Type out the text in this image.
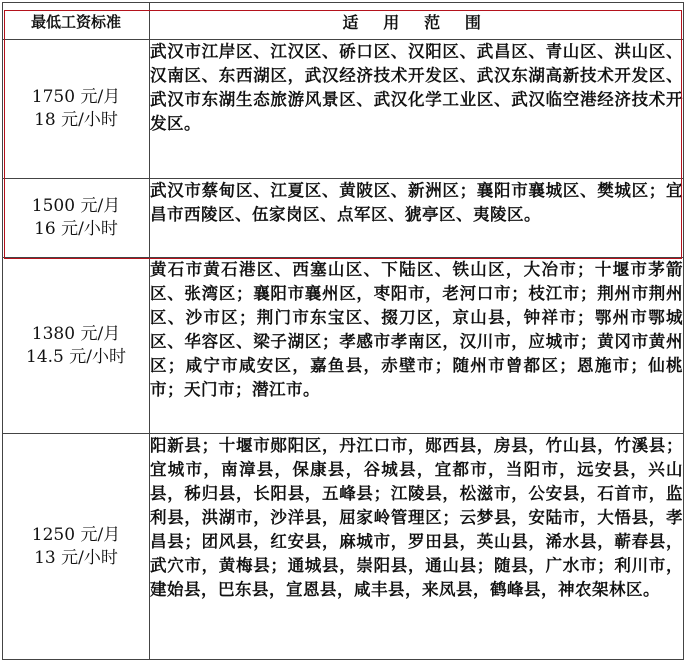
最低工资标准	适 用 范 围

1750 元/月
18 元/小时	武汉市江岸区、江汉区、硚口区、汉阳区、武昌区、青山区、洪山区、汉南区、东西湖区，武汉经济技术开发区、武汉东湖高新技术开发区、武汉市东湖生态旅游风景区、武汉化学工业区、武汉临空港经济技术开发区。

1500 元/月
16 元/小时	武汉市蔡甸区、江夏区、黄陂区、新洲区；襄阳市襄城区、樊城区；宜昌市西陵区、伍家岗区、点军区、猇亭区、夷陵区。

1380 元/月
14.5 元/小时	黄石市黄石港区、西塞山区、下陆区、铁山区，大冶市；十堰市茅箭区、张湾区；襄阳市襄州区，枣阳市，老河口市；枝江市；荆州市荆州区、沙市区；荆门市东宝区、掇刀区，京山县，钟祥市；鄂州市鄂城区、华容区、梁子湖区；孝感市孝南区，汉川市，应城市；黄冈市黄州区；咸宁市咸安区，嘉鱼县，赤壁市；随州市曾都区；恩施市；仙桃市；天门市；潜江市。

1250 元/月
13 元/小时	阳新县；十堰市郧阳区，丹江口市，郧西县，房县，竹山县，竹溪县；宜城市，南漳县，保康县，谷城县，宜都市，当阳市，远安县，兴山县，秭归县，长阳县，五峰县；江陵县，松滋市，公安县，石首市，监利县，洪湖市，沙洋县，屈家岭管理区；云梦县，安陆市，大悟县，孝昌县；团风县，红安县，麻城市，罗田县，英山县，浠水县，蕲春县，武穴市，黄梅县；通城县，崇阳县，通山县；随县，广水市；利川市，建始县，巴东县，宣恩县，咸丰县，来凤县，鹤峰县，神农架林区。
